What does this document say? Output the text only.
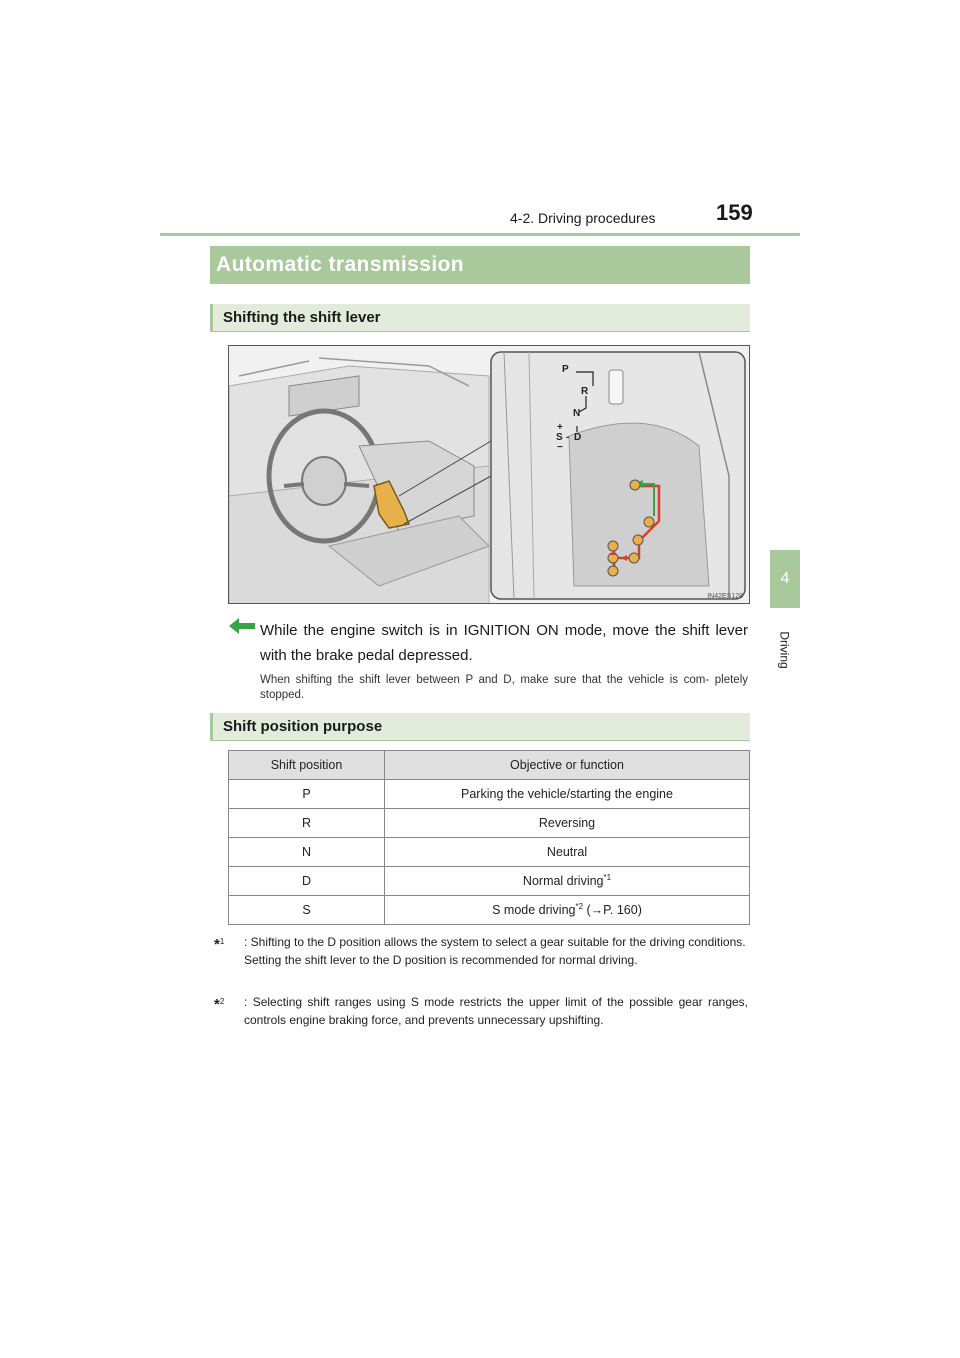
4-2. Driving procedures	159
4
Driving
Automatic transmission
Shifting the shift lever
P
R
N
+
S - D
−
IN42ES128
While the engine switch is in IGNITION ON mode, move the shift lever with the brake pedal depressed.
When shifting the shift lever between P and D, make sure that the vehicle is com- pletely stopped.
Shift position purpose
Shift position	Objective or function
P	Parking the vehicle/starting the engine
R	Reversing
N	Neutral
D	Normal driving$^{*1}$
S	S mode driving$^{*2}$ (→P. 160)
*$^1$	: Shifting to the D position allows the system to select a gear suitable for the driving conditions.
Setting the shift lever to the D position is recommended for normal driving.
*$^2$	: Selecting shift ranges using S mode restricts the upper limit of the possible gear ranges, controls engine braking force, and prevents unnecessary upshifting.
